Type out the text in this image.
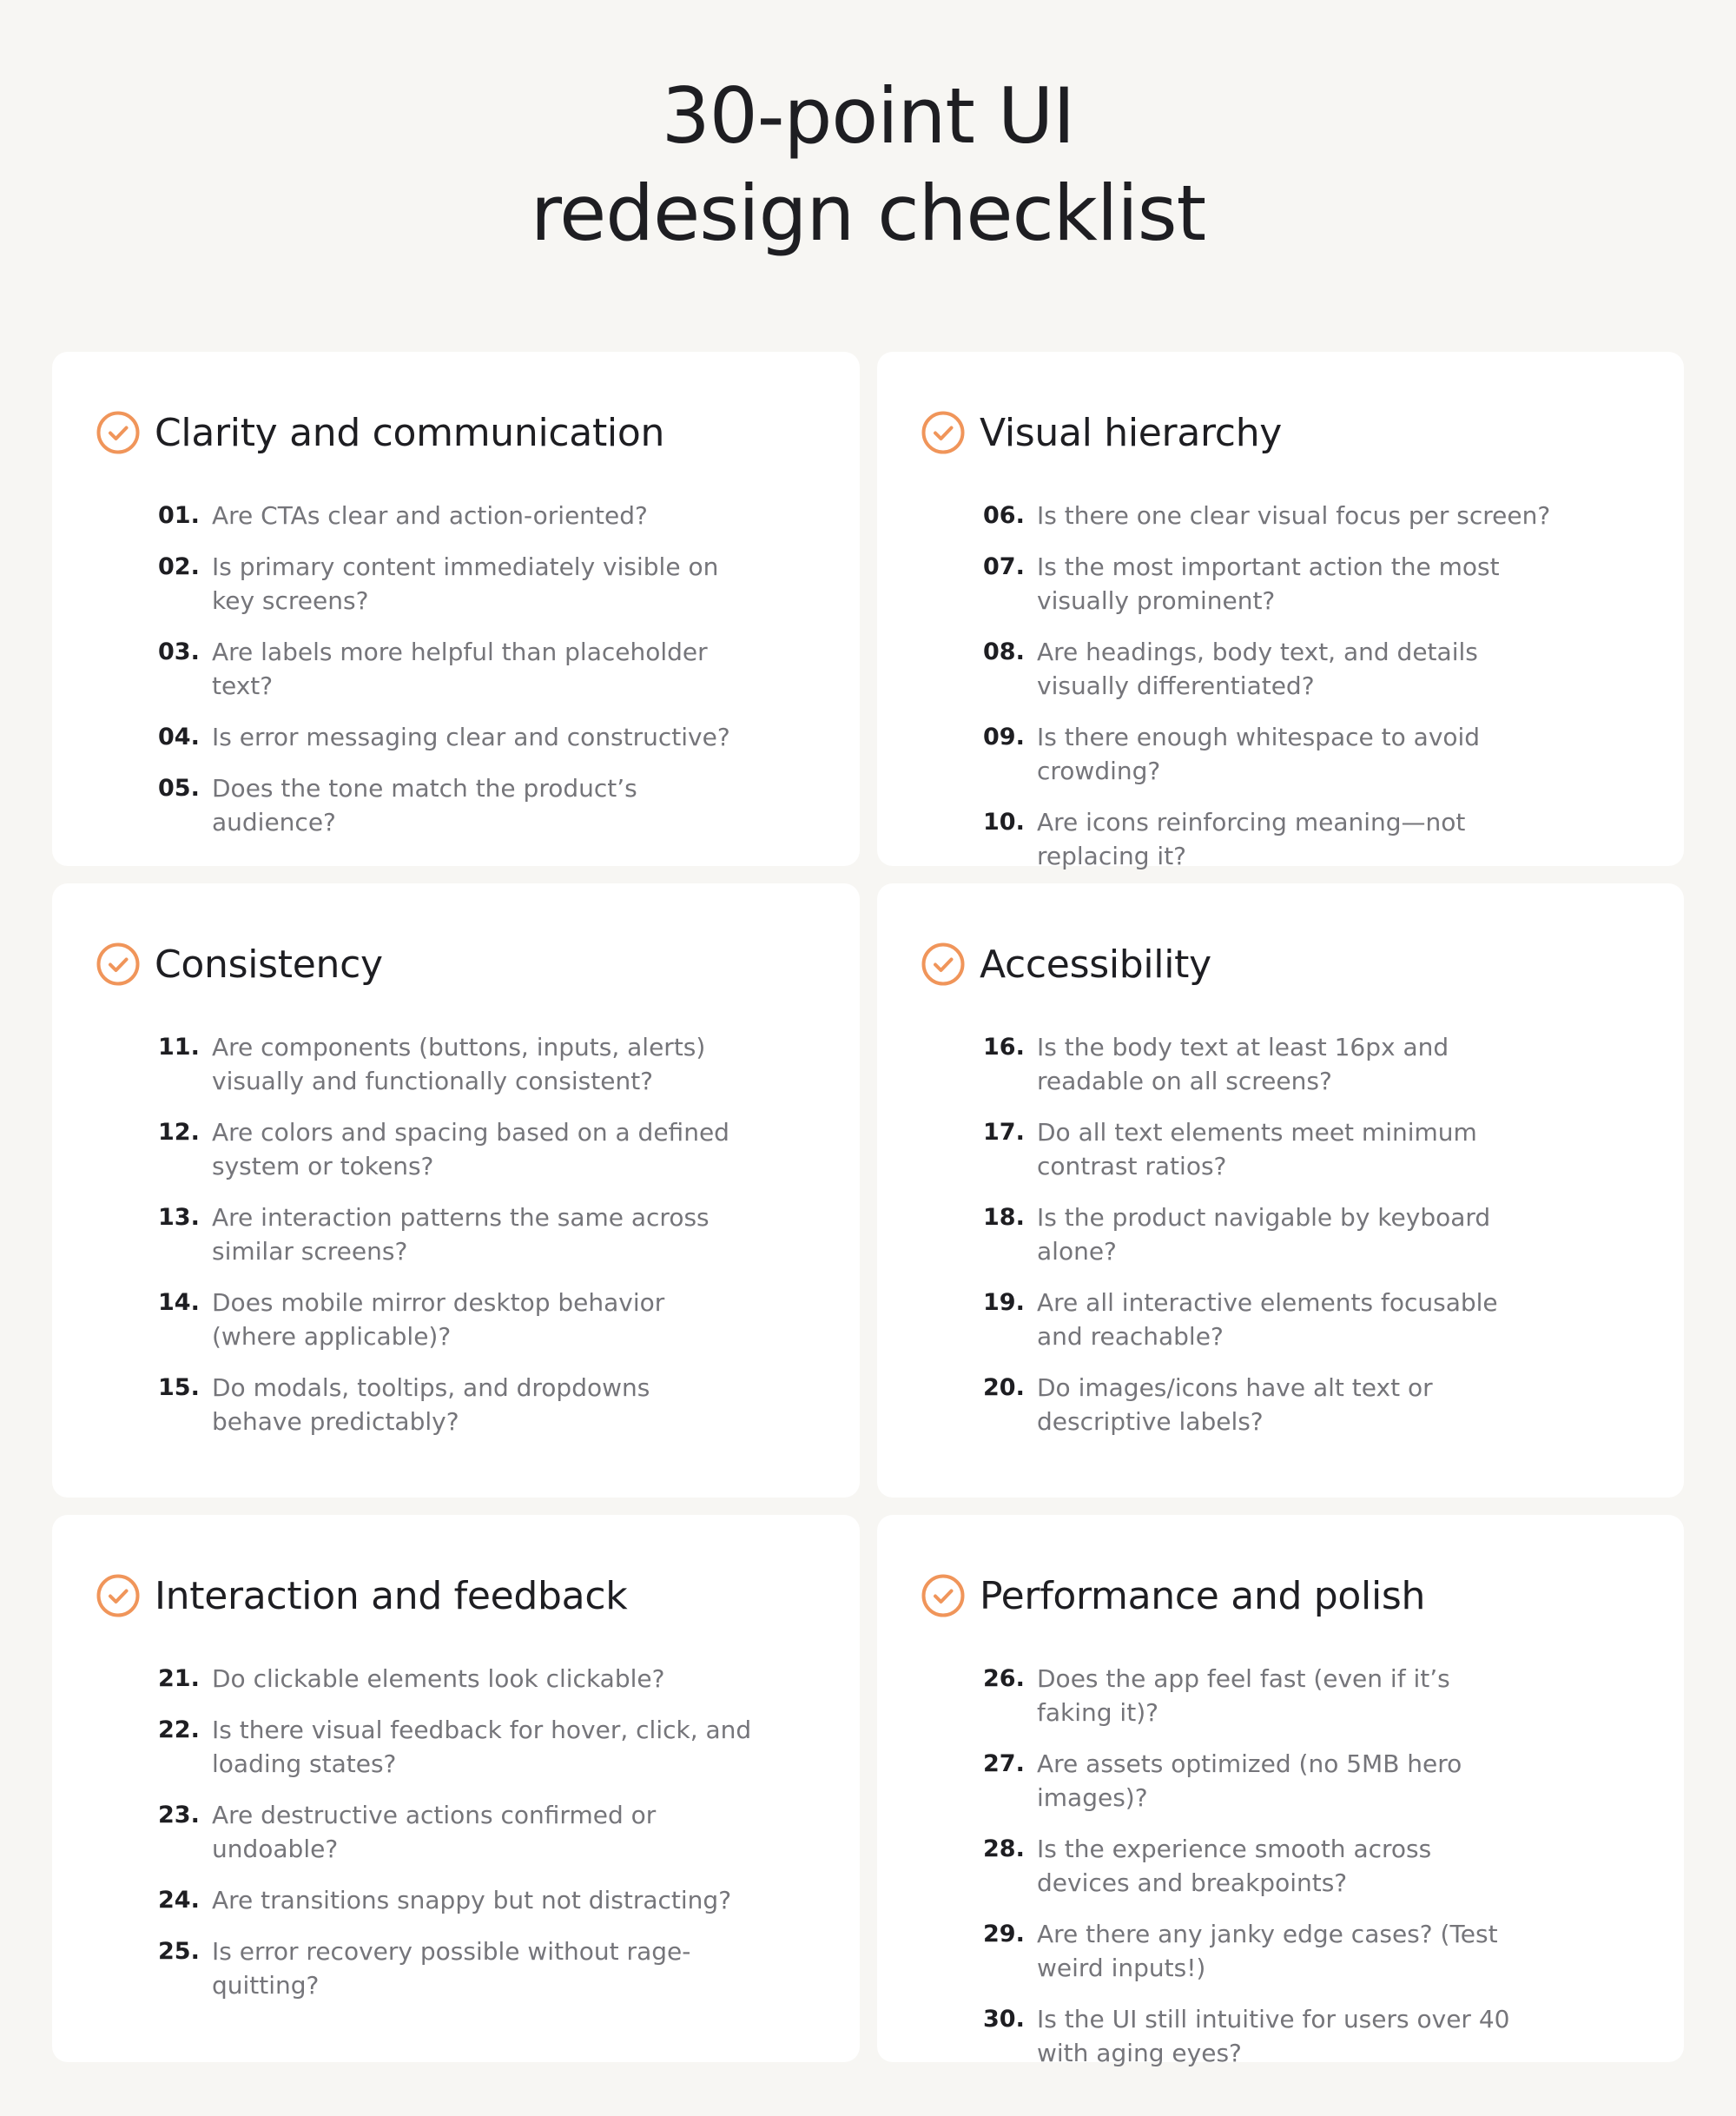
30-point UI
redesign checklist
Clarity and communication
01. Are CTAs clear and action-oriented?
02. Is primary content immediately visible on key screens?
03. Are labels more helpful than placeholder text?
04. Is error messaging clear and constructive?
05. Does the tone match the product’s audience?
Visual hierarchy
06. Is there one clear visual focus per screen?
07. Is the most important action the most visually prominent?
08. Are headings, body text, and details visually differentiated?
09. Is there enough whitespace to avoid crowding?
10. Are icons reinforcing meaning—not replacing it?
Consistency
11. Are components (buttons, inputs, alerts) visually and functionally consistent?
12. Are colors and spacing based on a defined system or tokens?
13. Are interaction patterns the same across similar screens?
14. Does mobile mirror desktop behavior (where applicable)?
15. Do modals, tooltips, and dropdowns behave predictably?
Accessibility
16. Is the body text at least 16px and readable on all screens?
17. Do all text elements meet minimum contrast ratios?
18. Is the product navigable by keyboard alone?
19. Are all interactive elements focusable and reachable?
20. Do images/icons have alt text or descriptive labels?
Interaction and feedback
21. Do clickable elements look clickable?
22. Is there visual feedback for hover, click, and loading states?
23. Are destructive actions confirmed or undoable?
24. Are transitions snappy but not distracting?
25. Is error recovery possible without rage-quitting?
Performance and polish
26. Does the app feel fast (even if it’s faking it)?
27. Are assets optimized (no 5MB hero images)?
28. Is the experience smooth across devices and breakpoints?
29. Are there any janky edge cases? (Test weird inputs!)
30. Is the UI still intuitive for users over 40 with aging eyes?
